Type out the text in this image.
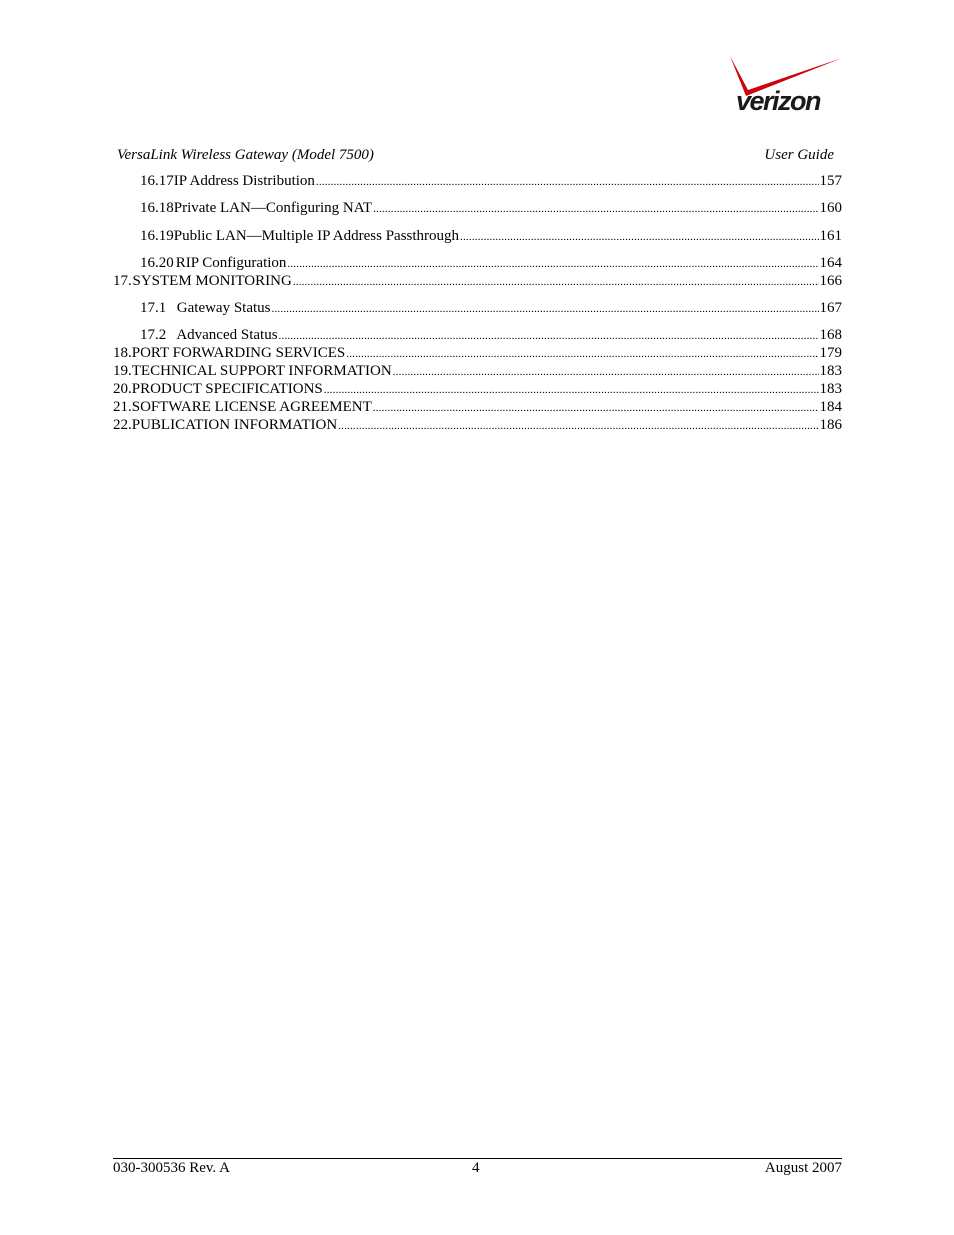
verizon
VersaLink Wireless Gateway (Model 7500)	User Guide
16.17 IP Address Distribution .....	157
16.18 Private LAN—Configuring NAT .....	160
16.19 Public LAN—Multiple IP Address Passthrough .....	161
16.20 RIP Configuration .....	164
17. SYSTEM MONITORING .....	166
17.1 Gateway Status .....	167
17.2 Advanced Status .....	168
18. PORT FORWARDING SERVICES .....	179
19. TECHNICAL SUPPORT INFORMATION .....	183
20. PRODUCT SPECIFICATIONS .....	183
21. SOFTWARE LICENSE AGREEMENT .....	184
22. PUBLICATION INFORMATION .....	186
030-300536 Rev. A	4	August 2007
